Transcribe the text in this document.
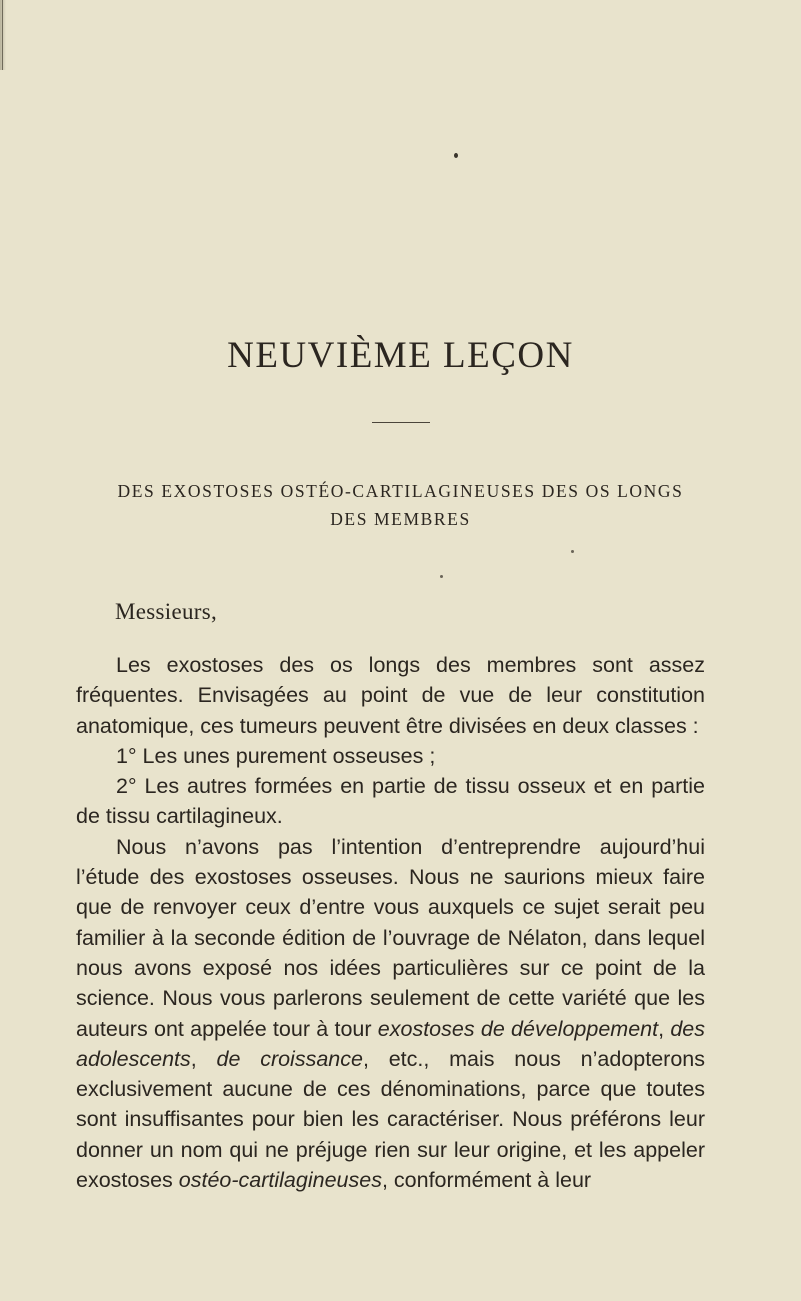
NEUVIÈME LEÇON

DES EXOSTOSES OSTÉO-CARTILAGINEUSES DES OS LONGS

DES MEMBRES

Messieurs,

Les exostoses des os longs des membres sont assez fréquentes. Envisagées au point de vue de leur constitution anatomique, ces tumeurs peuvent être divisées en deux classes :

1° Les unes purement osseuses ;

2° Les autres formées en partie de tissu osseux et en partie de tissu cartilagineux.

Nous n’avons pas l’intention d’entreprendre aujourd’hui l’étude des exostoses osseuses. Nous ne saurions mieux faire que de renvoyer ceux d’entre vous auxquels ce sujet serait peu familier à la seconde édition de l’ouvrage de Nélaton, dans lequel nous avons exposé nos idées particulières sur ce point de la science. Nous vous parlerons seulement de cette variété que les auteurs ont appelée tour à tour exostoses de développement, des adolescents, de croissance, etc., mais nous n’adopterons exclusivement aucune de ces dénominations, parce que toutes sont insuffisantes pour bien les caractériser. Nous préférons leur donner un nom qui ne préjuge rien sur leur origine, et les appeler exostoses ostéo-cartilagineuses, conformément à leur
